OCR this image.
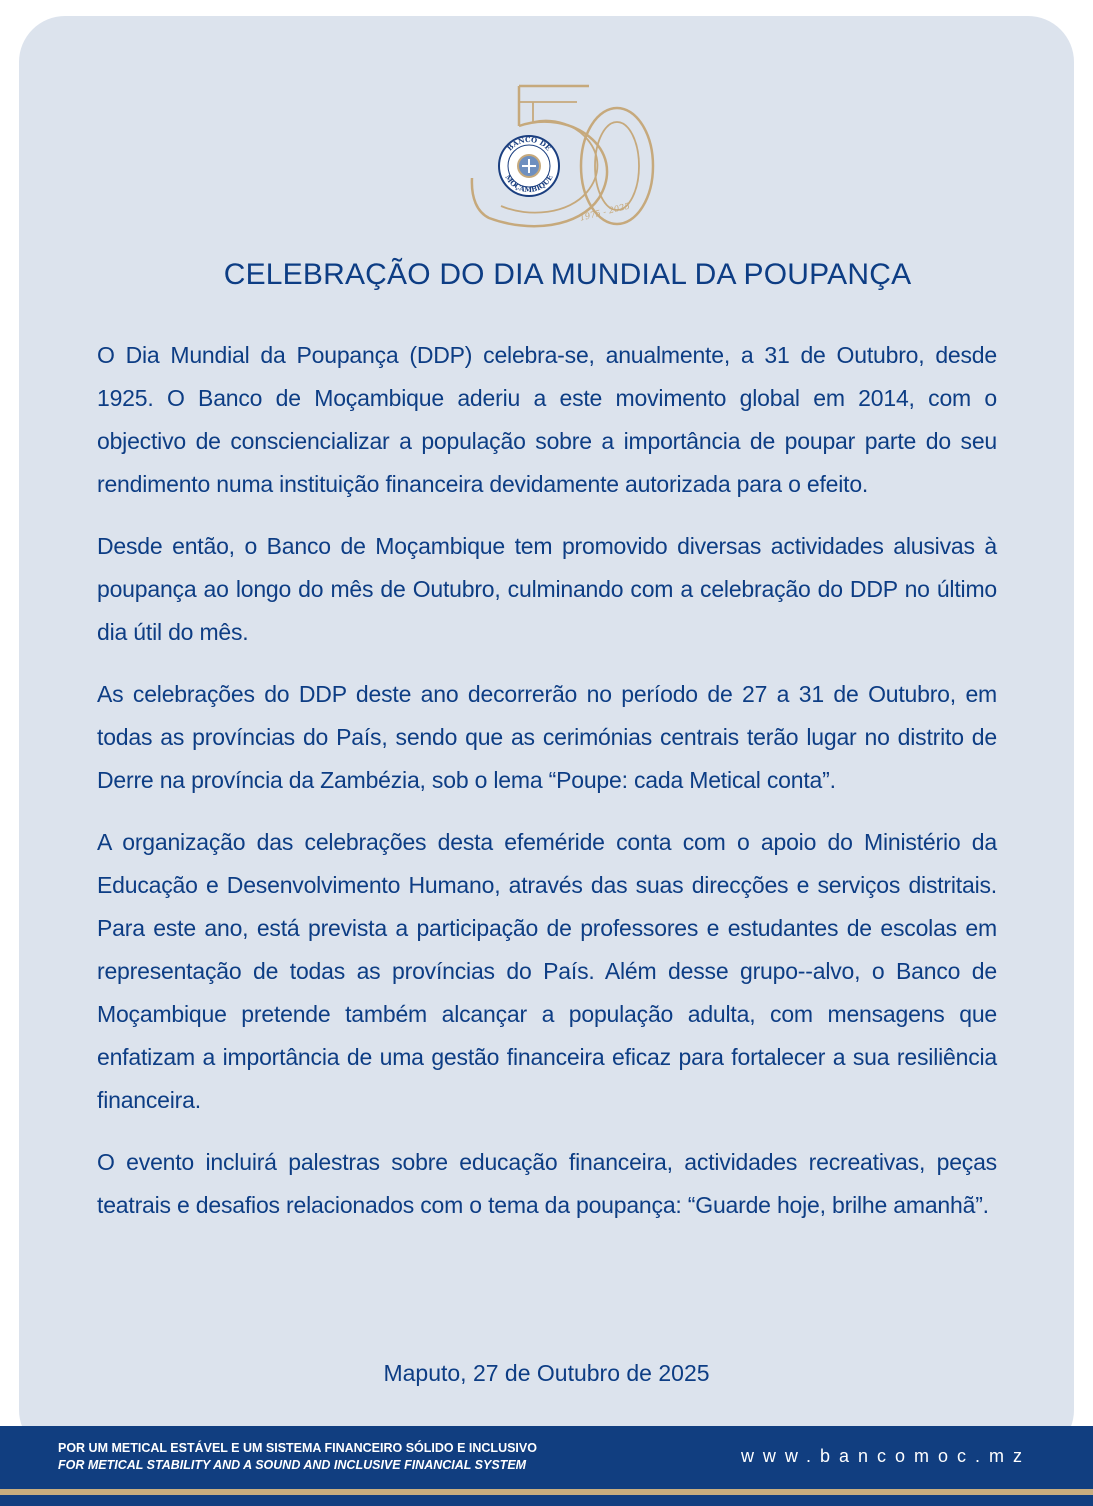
BANCO DE
MOÇAMBIQUE
1975 - 2025
CELEBRAÇÃO DO DIA MUNDIAL DA POUPANÇA

O Dia Mundial da Poupança (DDP) celebra-se, anualmente, a 31 de Outubro, desde 1925. O Banco de Moçambique aderiu a este movimento global em 2014, com o objectivo de consciencializar a população sobre a importância de poupar parte do seu rendimento numa instituição financeira devidamente autorizada para o efeito.

Desde então, o Banco de Moçambique tem promovido diversas actividades alusivas à poupança ao longo do mês de Outubro, culminando com a celebração do DDP no último dia útil do mês.

As celebrações do DDP deste ano decorrerão no período de 27 a 31 de Outubro, em todas as províncias do País, sendo que as cerimónias centrais terão lugar no distrito de Derre na província da Zambézia, sob o lema “Poupe: cada Metical conta”.

A organização das celebrações desta efeméride conta com o apoio do Ministério da Educação e Desenvolvimento Humano, através das suas direcções e serviços distritais. Para este ano, está prevista a participação de professores e estudantes de escolas em representação de todas as províncias do País. Além desse grupo--alvo, o Banco de Moçambique pretende também alcançar a população adulta, com mensagens que enfatizam a importância de uma gestão financeira eficaz para fortalecer a sua resiliência financeira.

O evento incluirá palestras sobre educação financeira, actividades recreativas, peças teatrais e desafios relacionados com o tema da poupança: “Guarde hoje, brilhe amanhã”.

Maputo, 27 de Outubro de 2025
POR UM METICAL ESTÁVEL E UM SISTEMA FINANCEIRO SÓLIDO E INCLUSIVO
FOR METICAL STABILITY AND A SOUND AND INCLUSIVE FINANCIAL SYSTEM	www.bancomoc.mz
